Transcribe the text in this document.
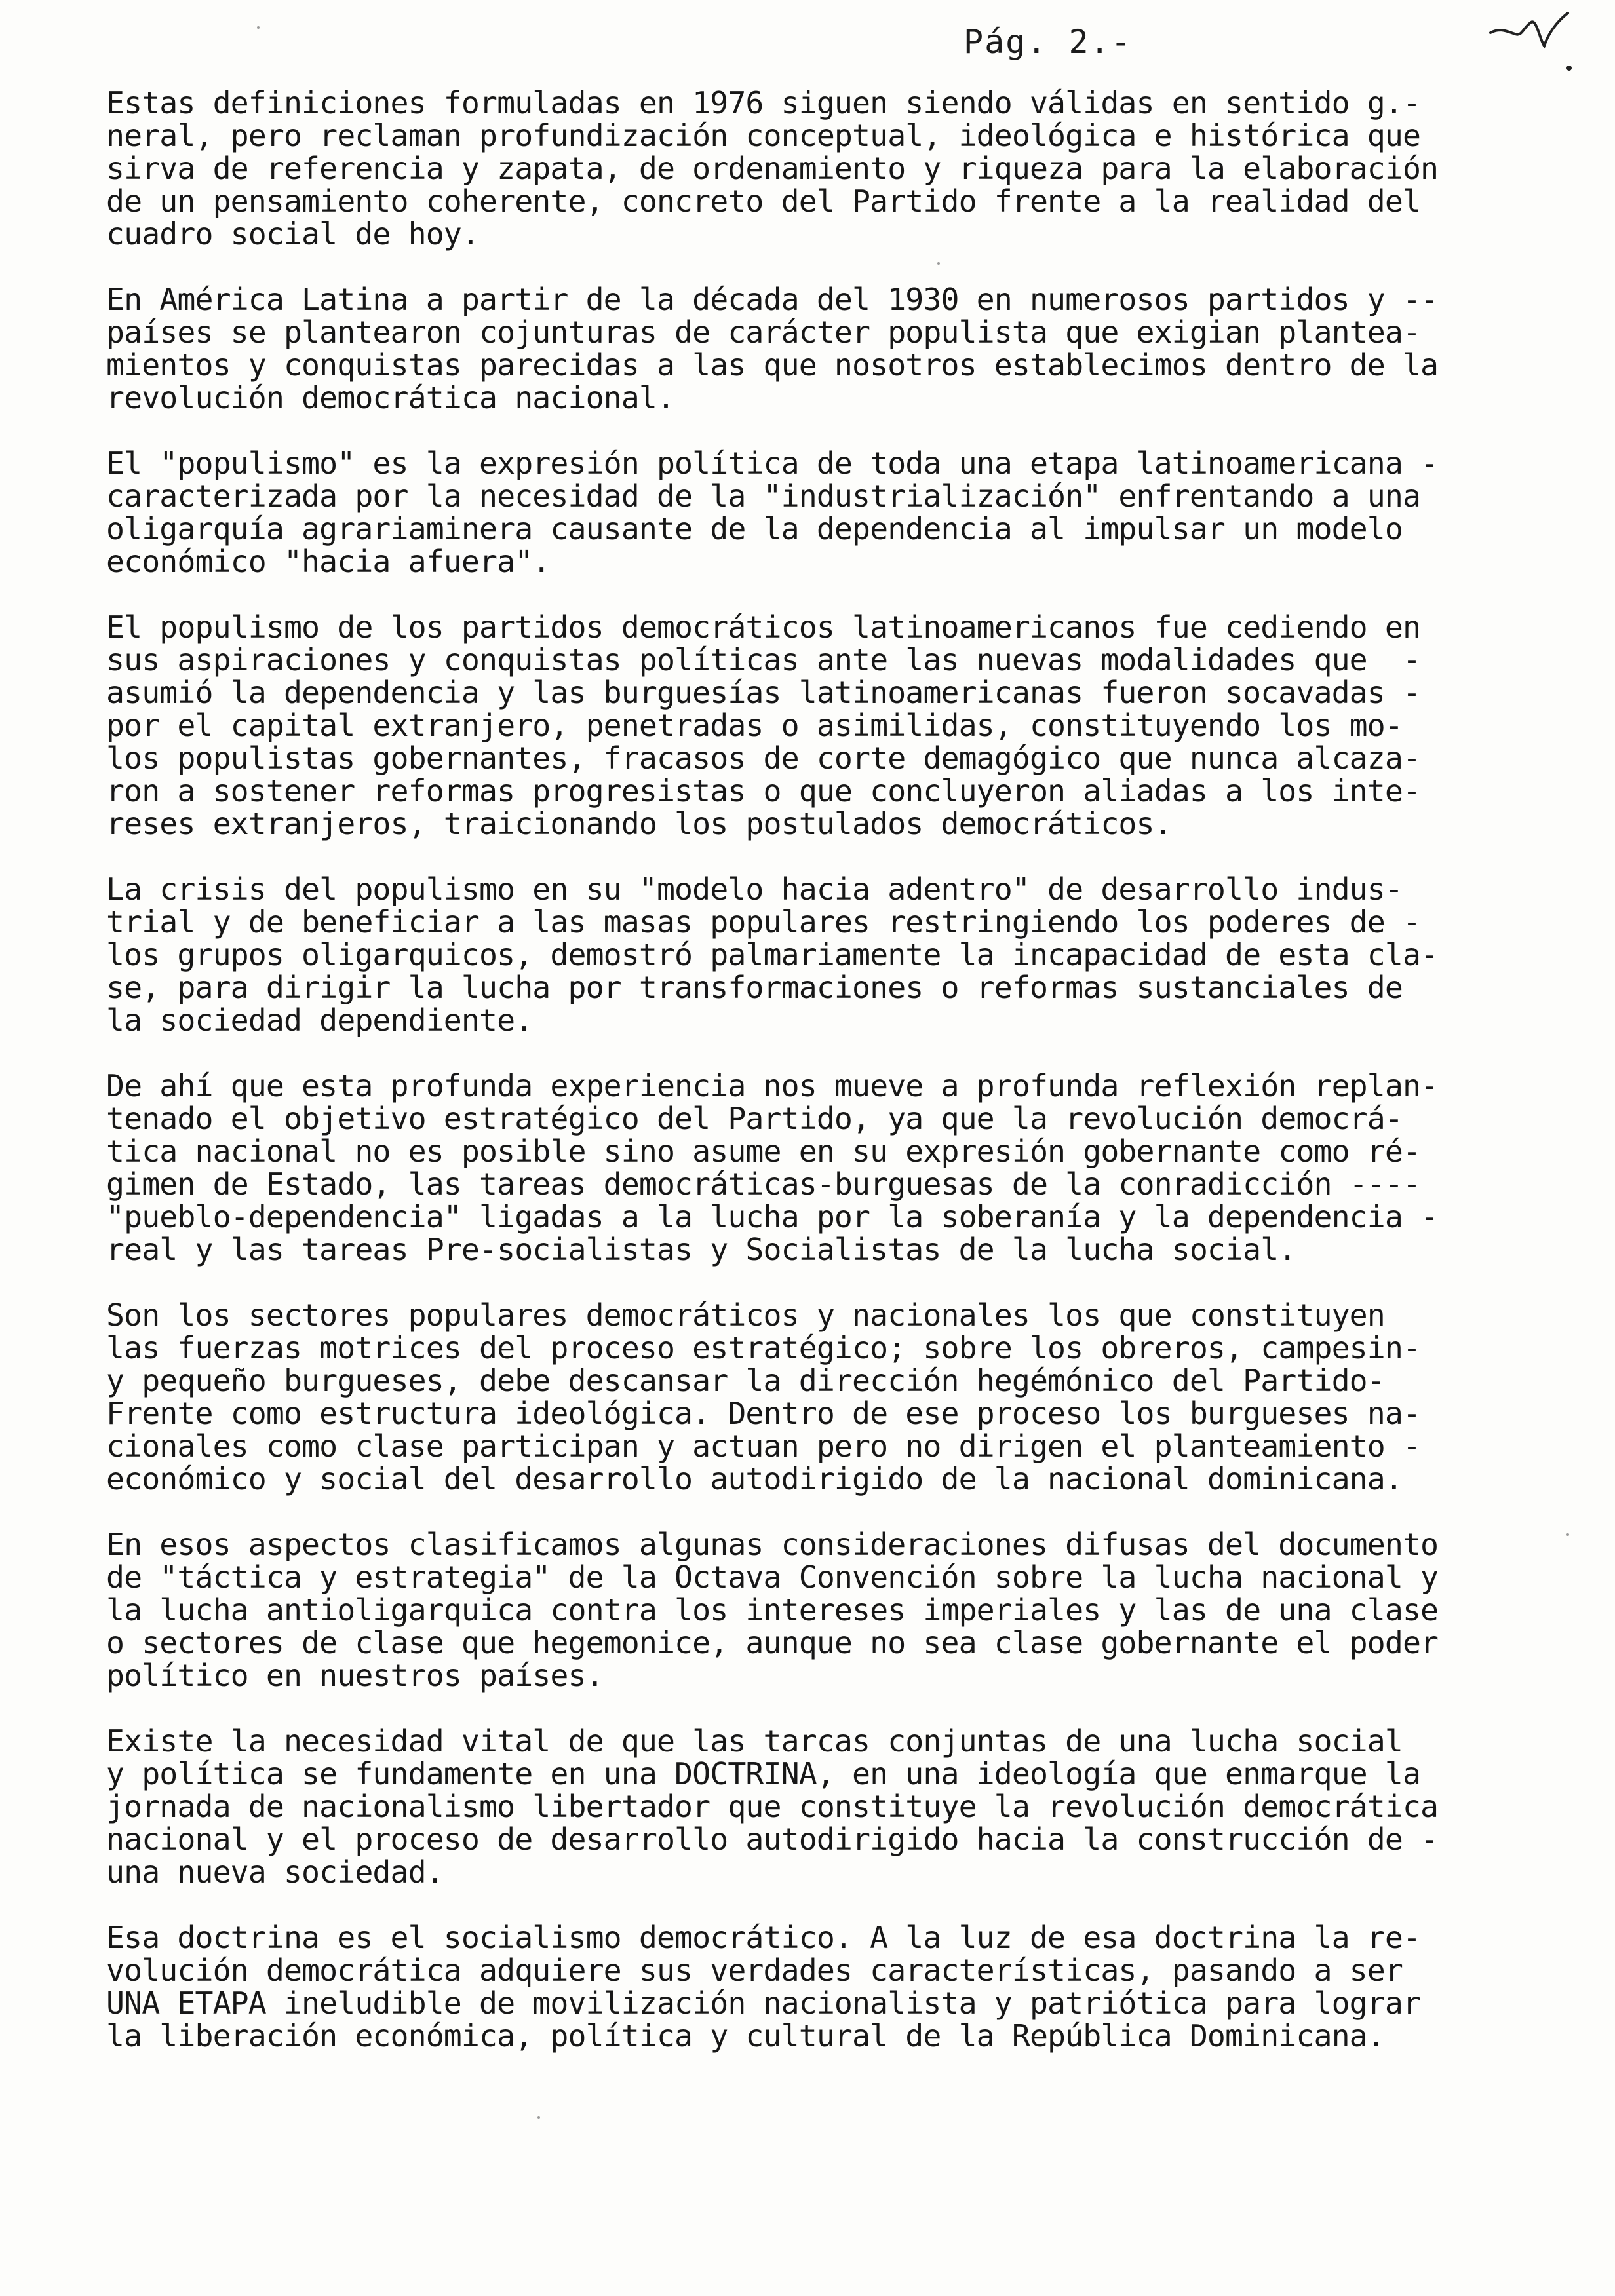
Pág. 2.-
Estas definiciones formuladas en 1976 siguen siendo válidas en sentido g.-
neral, pero reclaman profundización conceptual, ideológica e histórica que
sirva de referencia y zapata, de ordenamiento y riqueza para la elaboración
de un pensamiento coherente, concreto del Partido frente a la realidad del
cuadro social de hoy.
En América Latina a partir de la década del 1930 en numerosos partidos y --
países se plantearon cojunturas de carácter populista que exigian planteа-
mientos y conquistas parecidas a las que nosotros establecimos dentro de la
revolución democrática nacional.
El "populismo" es la expresión política de toda una etapa latinoamericana -
caracterizada por la necesidad de la "industrialización" enfrentando a una
oligarquía agrariaminera causante de la dependencia al impulsar un modelo
económico "hacia afuera".
El populismo de los partidos democráticos latinoamericanos fue cediendo en
sus aspiraciones y conquistas políticas ante las nuevas modalidades que  -
asumió la dependencia y las burguesías latinoamericanas fueron socavadas -
por el capital extranjero, penetradas o asimilidas, constituyendo los mo-
los populistas gobernantes, fracasos de corte demagógico que nunca alcaza-
ron a sostener reformas progresistas o que concluyeron aliadas a los inte-
reses extranjeros, traicionando los postulados democráticos.
La crisis del populismo en su "modelo hacia adentro" de desarrollo indus-
trial y de beneficiar a las masas populares restringiendo los poderes de -
los grupos oligarquicos, demostró palmariamente la incapacidad de esta cla-
se, para dirigir la lucha por transformaciones o reformas sustanciales de
la sociedad dependiente.
De ahí que esta profunda experiencia nos mueve a profunda reflexión replan-
tenado el objetivo estratégico del Partido, ya que la revolución democrá-
tica nacional no es posible sino asume en su expresión gobernante como ré-
gimen de Estado, las tareas democráticas-burguesas de la conradicción ----
"pueblo-dependencia" ligadas a la lucha por la soberanía y la dependencia -
real y las tareas Pre-socialistas y Socialistas de la lucha social.
Son los sectores populares democráticos y nacionales los que constituyen
las fuerzas motrices del proceso estratégico; sobre los obreros, campesin-
y pequeño burgueses, debe descansar la dirección hegémónico del Partido-
Frente como estructura ideológica. Dentro de ese proceso los burgueses na-
cionales como clase participan y actuan pero no dirigen el planteamiento -
económico y social del desarrollo autodirigido de la nacional dominicana.
En esos aspectos clasificamos algunas consideraciones difusas del documento
de "táctica y estrategia" de la Octava Convención sobre la lucha nacional y
la lucha antioligarquica contra los intereses imperiales y las de una clase
o sectores de clase que hegemonice, aunque no sea clase gobernante el poder
político en nuestros países.
Existe la necesidad vital de que las tarcas conjuntas de una lucha social
y política se fundamente en una DOCTRINA, en una ideología que enmarque la
jornada de nacionalismo libertador que constituye la revolución democrática
nacional y el proceso de desarrollo autodirigido hacia la construcción de -
una nueva sociedad.
Esa doctrina es el socialismo democrático. A la luz de esa doctrina la re-
volución democrática adquiere sus verdades características, pasando a ser
UNA ETAPA ineludible de movilización nacionalista y patriótica para lograr
la liberación económica, política y cultural de la República Dominicana.
